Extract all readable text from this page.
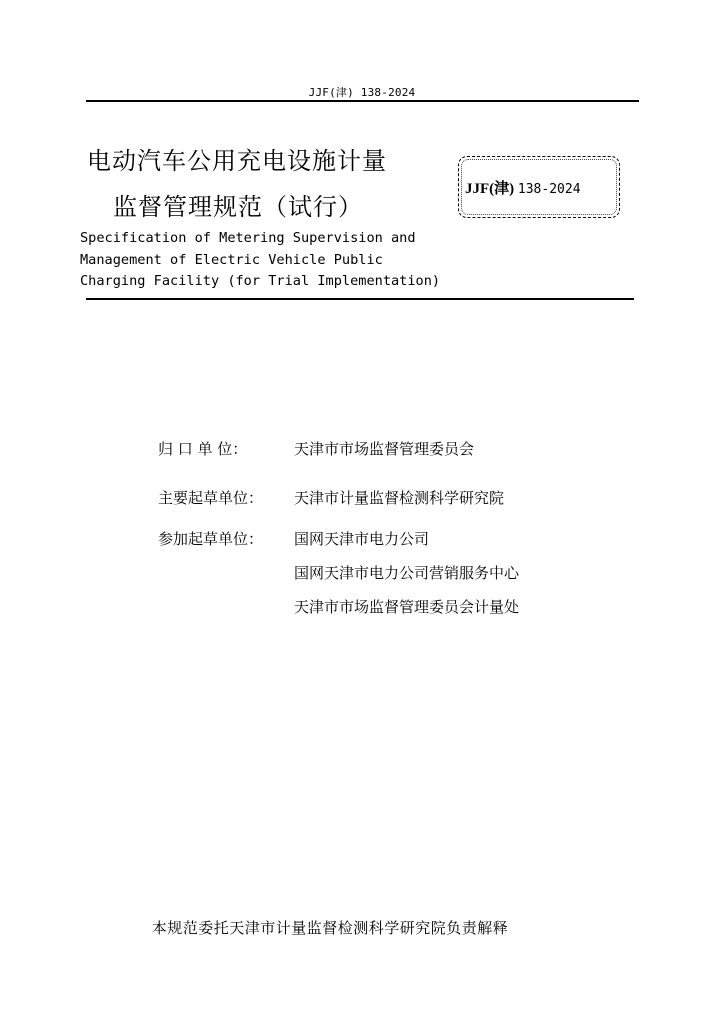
JJF(津) 138-2024
电动汽车公用充电设施计量
监督管理规范（试行）
JJF(津) 138-2024
Specification of Metering Supervision and
Management of Electric Vehicle Public
Charging Facility (for Trial Implementation)
归 口 单 位：	天津市市场监督管理委员会
主要起草单位： 天津市计量监督检测科学研究院
参加起草单位： 国网天津市电力公司
国网天津市电力公司营销服务中心
天津市市场监督管理委员会计量处
本规范委托天津市计量监督检测科学研究院负责解释
